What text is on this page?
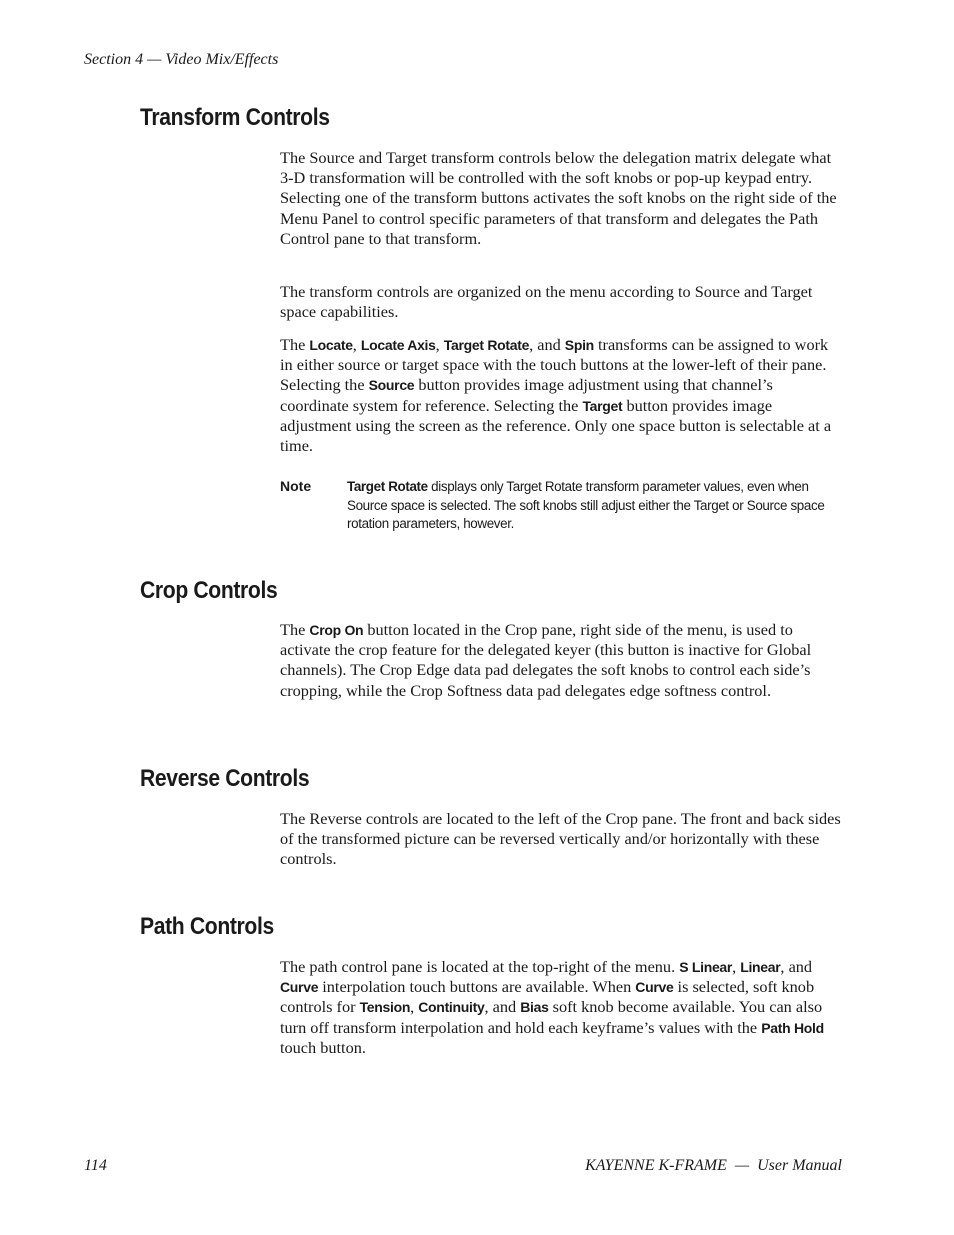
Section 4 — Video Mix/Effects
Transform Controls

The Source and Target transform controls below the delegation matrix delegate what 3-D transformation will be controlled with the soft knobs or pop-up keypad entry. Selecting one of the transform buttons activates the soft knobs on the right side of the Menu Panel to control specific parameters of that transform and delegates the Path Control pane to that transform.

The transform controls are organized on the menu according to Source and Target space capabilities.

The Locate, Locate Axis, Target Rotate, and Spin transforms can be assigned to work in either source or target space with the touch buttons at the lower-left of their pane. Selecting the Source button provides image adjustment using that channel’s coordinate system for reference. Selecting the Target button provides image adjustment using the screen as the reference. Only one space button is selectable at a time.

Note	Target Rotate displays only Target Rotate transform parameter values, even when Source space is selected. The soft knobs still adjust either the Target or Source space rotation parameters, however.

Crop Controls

The Crop On button located in the Crop pane, right side of the menu, is used to activate the crop feature for the delegated keyer (this button is inactive for Global channels). The Crop Edge data pad delegates the soft knobs to control each side’s cropping, while the Crop Softness data pad delegates edge softness control.

Reverse Controls

The Reverse controls are located to the left of the Crop pane. The front and back sides of the transformed picture can be reversed vertically and/or horizontally with these controls.

Path Controls

The path control pane is located at the top-right of the menu. S Linear, Linear, and Curve interpolation touch buttons are available. When Curve is selected, soft knob controls for Tension, Continuity, and Bias soft knob become available. You can also turn off transform interpolation and hold each keyframe’s values with the Path Hold touch button.

114	KAYENNE K-FRAME  —  User Manual
